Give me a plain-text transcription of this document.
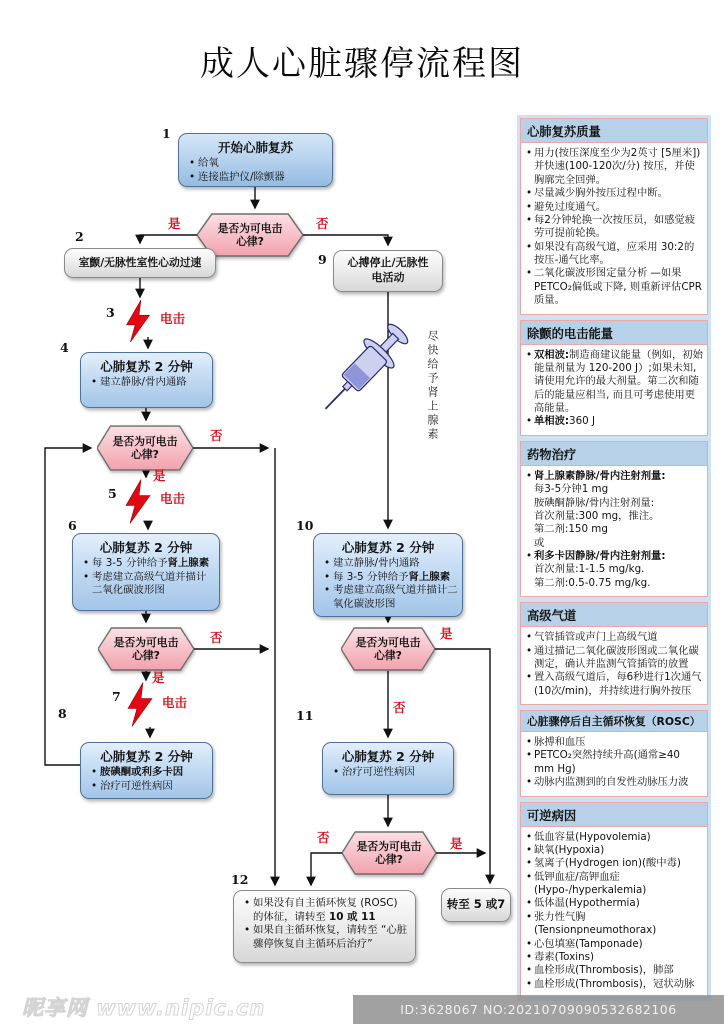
成人心脏骤停流程图
1
2
3
4
5
6
7
8
9
10
11
12
开始心肺复苏
• 给氧
• 连接监护仪/除颤器
是否为可电击
心律?
是	否
室颤/无脉性室性心动过速	心搏停止/无脉性
电活动
电击
心肺复苏 2 分钟
• 建立静脉/骨内通路
是否为可电击
心律?
否
是
电击
心肺复苏 2 分钟
• 每 3-5 分钟给予肾上腺素
• 考虑建立高级气道并描计二氧化碳波形图
是否为可电击
心律?
否
是
电击
心肺复苏 2 分钟
• 胺碘酮或利多卡因
• 治疗可逆性病因
心肺复苏 2 分钟
• 建立静脉/骨内通路
• 每 3-5 分钟给予肾上腺素
• 考虑建立高级气道并描计二氧化碳波形图
是否为可电击
心律?
是
否
心肺复苏 2 分钟
• 治疗可逆性病因
是否为可电击
心律?
否	是
• 如果没有自主循环恢复 (ROSC) 的体征，请转至 10 或 11
• 如果自主循环恢复，请转至 “心脏骤停恢复自主循环后治疗”
转至 5 或7
尽快给予肾上腺素
心肺复苏质量
• 用力(按压深度至少为2英寸 [5厘米])并快速(100-120次/分) 按压，并使胸廓完全回弹。
• 尽量减少胸外按压过程中断。
• 避免过度通气。
• 每2分钟轮换一次按压员，如感觉疲劳可提前轮换。
• 如果没有高级气道，应采用 30:2的按压-通气比率。
• 二氧化碳波形图定量分析 —如果PETCO₂偏低或下降, 则重新评估CPR质量。
除颤的电击能量
• 双相波:制造商建议能量（例如，初始能量剂量为 120-200 J）;如果未知, 请使用允许的最大剂量。第二次和随后的能量应相当, 而且可考虑使用更高能量。
• 单相波:360 J
药物治疗
• 肾上腺素静脉/骨内注射剂量:
每3-5分钟1 mg
胺碘酮静脉/骨内注射剂量:
首次剂量:300 mg，推注。
第二剂:150 mg
或
• 利多卡因静脉/骨内注射剂量:
首次剂量:1-1.5 mg/kg.
第二剂:0.5-0.75 mg/kg.
高级气道
• 气管插管或声门上高级气道
• 通过描记二氧化碳波形图或二氧化碳测定，确认并监测气管插管的放置
• 置入高级气道后，每6秒进行1次通气(10次/min)，并持续进行胸外按压
心脏骤停后自主循环恢复（ROSC）
• 脉搏和血压
• PETCO₂突然持续升高(通常≥40 mm Hg)
• 动脉内监测到的自发性动脉压力波
可逆病因
• 低血容量(Hypovolemia)
• 缺氧(Hypoxia)
• 氢离子(Hydrogen ion)(酸中毒)
• 低钾血症/高钾血症 (Hypo-/hyperkalemia)
• 低体温(Hypothermia)
• 张力性气胸(Tensionpneumothorax)
• 心包填塞(Tamponade)
• 毒素(Toxins)
• 血栓形成(Thrombosis)，肺部
• 血栓形成(Thrombosis)，冠状动脉
昵享网 www.nipic.cn	ID:3628067 NO:20210709090532682106
